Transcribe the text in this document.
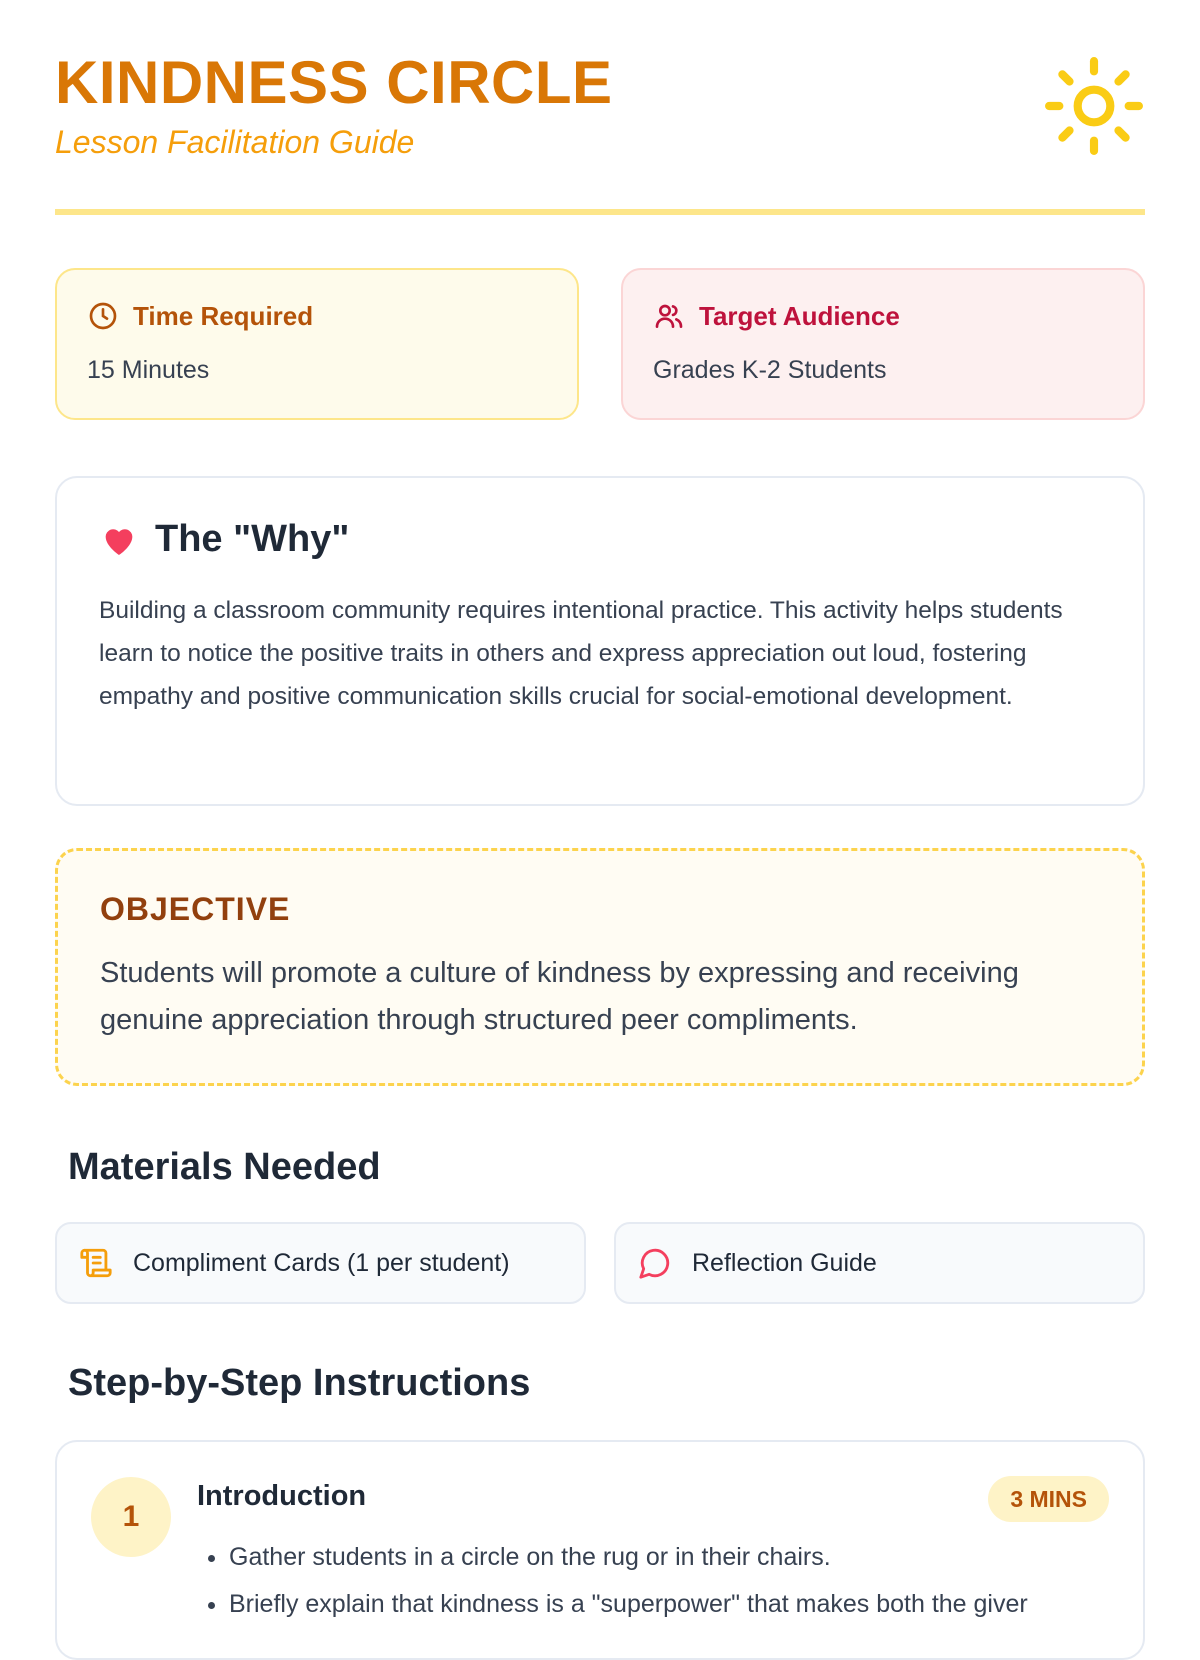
KINDNESS CIRCLE
Lesson Facilitation Guide
Time Required
15 Minutes
Target Audience
Grades K-2 Students
The "Why"

Building a classroom community requires intentional practice. This activity helps students learn to notice the positive traits in others and express appreciation out loud, fostering empathy and positive communication skills crucial for social-emotional development.

OBJECTIVE

Students will promote a culture of kindness by expressing and receiving genuine appreciation through structured peer compliments.

Materials Needed
Compliment Cards (1 per student)	Reflection Guide
Step-by-Step Instructions
1
Introduction	3 MINS
• Gather students in a circle on the rug or in their chairs.
• Briefly explain that kindness is a "superpower" that makes both the giver
